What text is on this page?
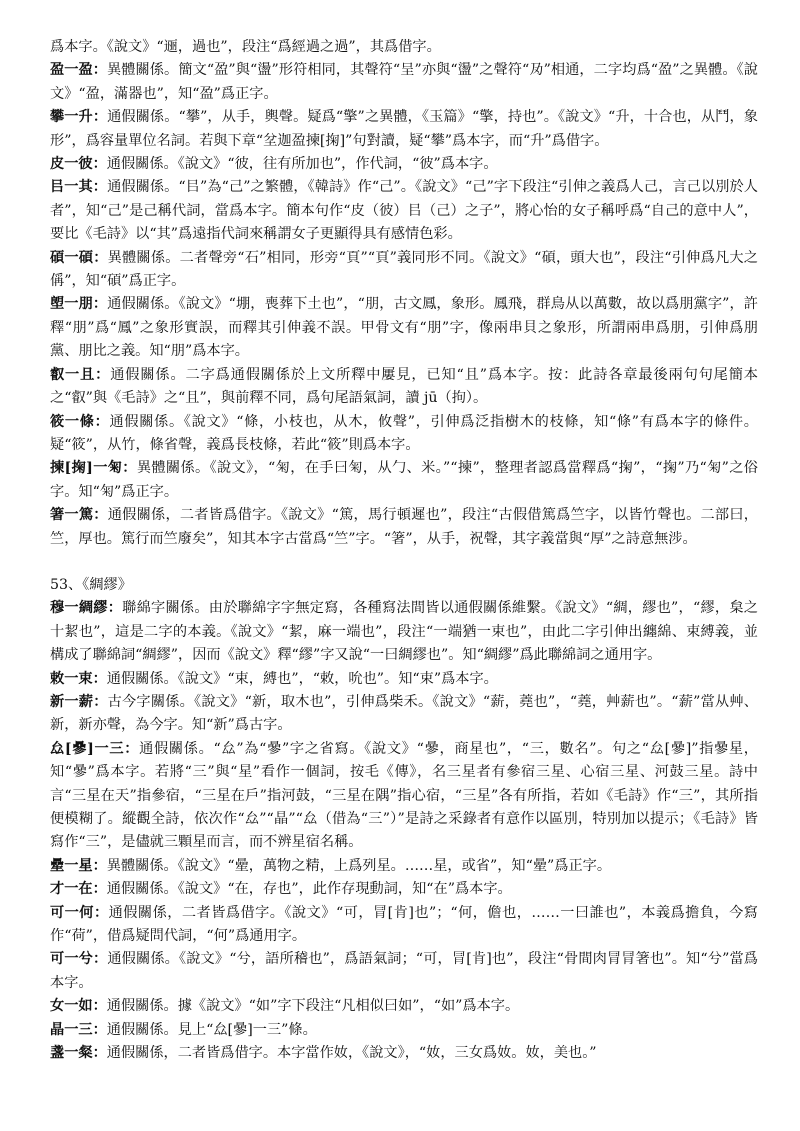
爲本字。《說文》“逦，過也”，段注“爲經過之過”，其爲借字。

盈一盈：異體關係。簡文“盈”與“盪”形符相同，其聲符“呈”亦與“盪”之聲符“夃”相通，二字均爲“盈”之異體。《說文》“盈，滿器也”，知“盈”爲正字。

攀一升：通假關係。“攀”，从手，輿聲。疑爲“擎”之異體，《玉篇》“擎，持也”。《說文》“升，十合也，从鬥，象形”，爲容量單位名詞。若與下章“坌迦盈揀[掬]”句對讀，疑“攀”爲本字，而“升”爲借字。

皮一彼：通假關係。《說文》“彼，往有所加也”，作代詞，“彼”爲本字。

㠯一其：通假關係。“㠯”為“己”之繁體，《韓詩》作“己”。《說文》“己”字下段注“引伸之義爲人己，言己以別於人者”，知“己”是己稱代詞，當爲本字。簡本句作“皮（彼）㠯（己）之子”，將心怡的女子稱呼爲“自己的意中人”，要比《毛詩》以“其”爲遠指代詞來稱謂女子更顯得具有感情色彩。

碩一碩：異體關係。二者聲旁“石”相同，形旁“頁”“頁”義同形不同。《說文》“碩，頭大也”，段注“引伸爲凡大之偁”，知“碩”爲正字。

塱一朋：通假關係。《說文》“堋，喪葬下土也”，“朋，古文鳳，象形。鳳飛，群鳥从以萬數，故以爲朋黨字”，許釋“朋”爲“鳳”之象形實誤，而釋其引伸義不誤。甲骨文有“朋”字，像兩串貝之象形，所謂兩串爲朋，引伸爲朋黨、朋比之義。知“朋”爲本字。

叡一且：通假關係。二字爲通假關係於上文所釋中屢見，已知“且”爲本字。按：此詩各章最後兩句句尾簡本之“叡”與《毛詩》之“且”，與前釋不同，爲句尾語氣詞，讀 jū（拘）。

筱一條：通假關係。《說文》“條，小枝也，从木，攸聲”，引伸爲泛指樹木的枝條，知“條”有爲本字的條件。疑“筱”，从竹，條省聲，義爲長枝條，若此“筱”則爲本字。

揀[掬]一匊：異體關係。《說文》，“匊，在手曰匊，从勹、米。”“揀”，整理者認爲當釋爲“掬”，“掬”乃“匊”之俗字。知“匊”爲正字。

箸一篤：通假關係，二者皆爲借字。《說文》“篤，馬行頓遲也”，段注“古假借篤爲竺字，以皆竹聲也。二部曰，竺，厚也。篤行而竺廢矣”，知其本字古當爲“竺”字。“箸”，从手，祝聲，其字義當與“厚”之詩意無涉。

53、《綢繆》

穆一綢繆：聯綿字關係。由於聯綿字字無定寫，各種寫法間皆以通假關係維繫。《說文》“綢，繆也”，“繆，枲之十絜也”，這是二字的本義。《說文》“絜，麻一端也”，段注“一端猶一束也”，由此二字引伸出纏綿、束縛義，並構成了聯綿詞“綢繆”，因而《說文》釋“繆”字又說“一曰綢繆也”。知“綢繆”爲此聯綿詞之通用字。

敕一束：通假關係。《說文》“束，縛也”，“敕，吮也”。知“束”爲本字。

新一薪：古今字關係。《說文》“新，取木也”，引伸爲柴禾。《說文》“薪，蕘也”，“蕘，艸薪也”。“薪”當从艸、新，新亦聲，為今字。知“新”爲古字。

厽[曑]一三：通假關係。“厽”為“曑”字之省寫。《說文》“曑，商星也”，“三，數名”。句之“厽[曑]”指曑星，知“曑”爲本字。若將“三”與“星”看作一個詞，按毛《傳》，名三星者有參宿三星、心宿三星、河鼓三星。詩中言“三星在天”指參宿，“三星在戶”指河鼓，“三星在隅”指心宿，“三星”各有所指，若如《毛詩》作“三”，其所指便模糊了。縱觀全詩，依次作“厽”“晶”“厽（借為“三”）”是詩之采錄者有意作以區別，特別加以提示；《毛詩》皆寫作“三”，是儘就三顆星而言，而不辨星宿名稱。

曐一星：異體關係。《說文》“曐，萬物之精，上爲列星。……星，或省”，知“曐”爲正字。

才一在：通假關係。《說文》“在，存也”，此作存現動詞，知“在”爲本字。

可一何：通假關係，二者皆爲借字。《說文》“可，冐[肯]也”；“何，儋也，……一曰誰也”，本義爲擔負，今寫作“荷”，借爲疑問代詞，“何”爲通用字。

可一兮：通假關係。《說文》“兮，語所稽也”，爲語氣詞；“可，冐[肯]也”，段注“骨間肉冐冐箸也”。知“兮”當爲本字。

女一如：通假關係。據《說文》“如”字下段注“凡相似曰如”，“如”爲本字。

晶一三：通假關係。見上“厽[曑]一三”條。

盞一粲：通假關係，二者皆爲借字。本字當作奻，《說文》，“奻，三女爲奻。奻，美也。”
